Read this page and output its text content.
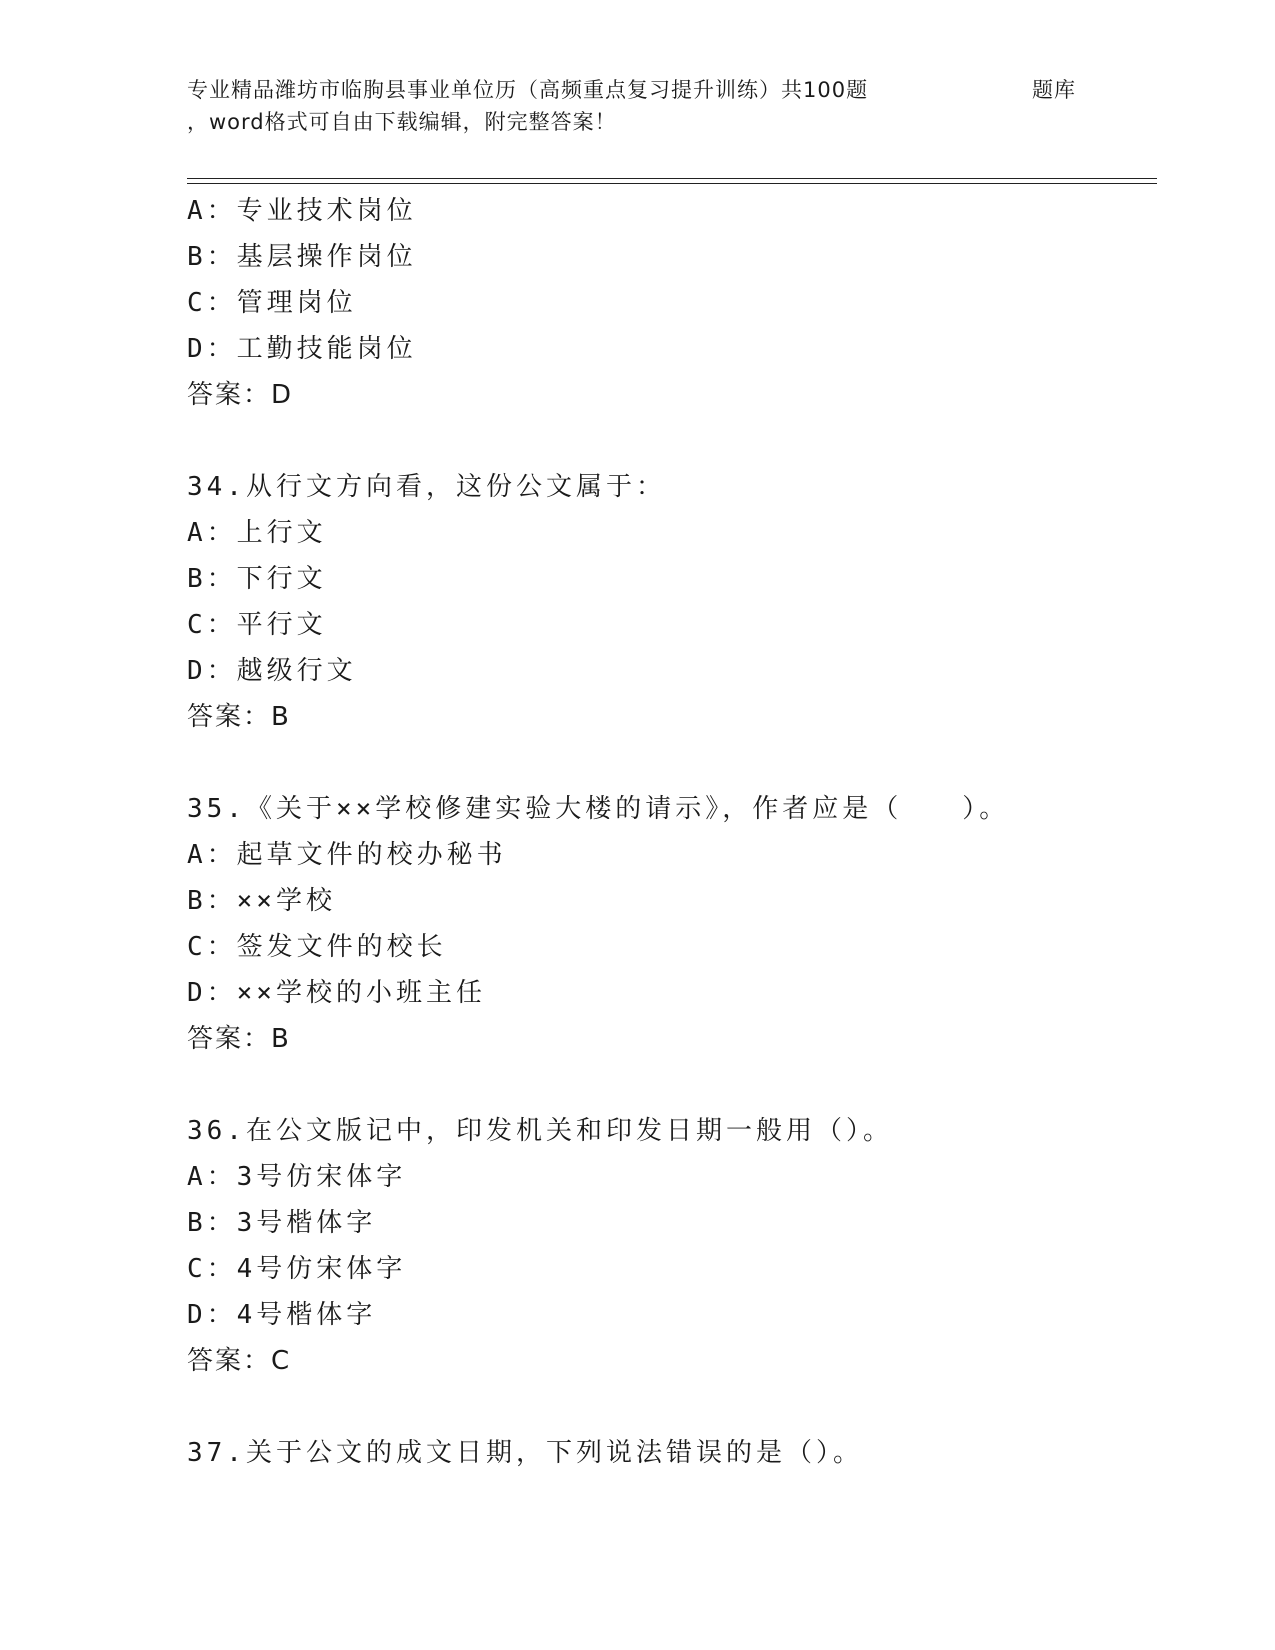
专业精品潍坊市临朐县事业单位历（高频重点复习提升训练）共100题	题库
，word格式可自由下载编辑，附完整答案！
A：专业技术岗位
B：基层操作岗位
C：管理岗位
D：工勤技能岗位
答案：D
34.从行文方向看，这份公文属于：
A：上行文
B：下行文
C：平行文
D：越级行文
答案：B
35.《关于××学校修建实验大楼的请示》，作者应是（　　）。
A：起草文件的校办秘书
B：××学校
C：签发文件的校长
D：××学校的小班主任
答案：B
36.在公文版记中，印发机关和印发日期一般用（）。
A：3号仿宋体字
B：3号楷体字
C：4号仿宋体字
D：4号楷体字
答案：C
37.关于公文的成文日期，下列说法错误的是（）。
